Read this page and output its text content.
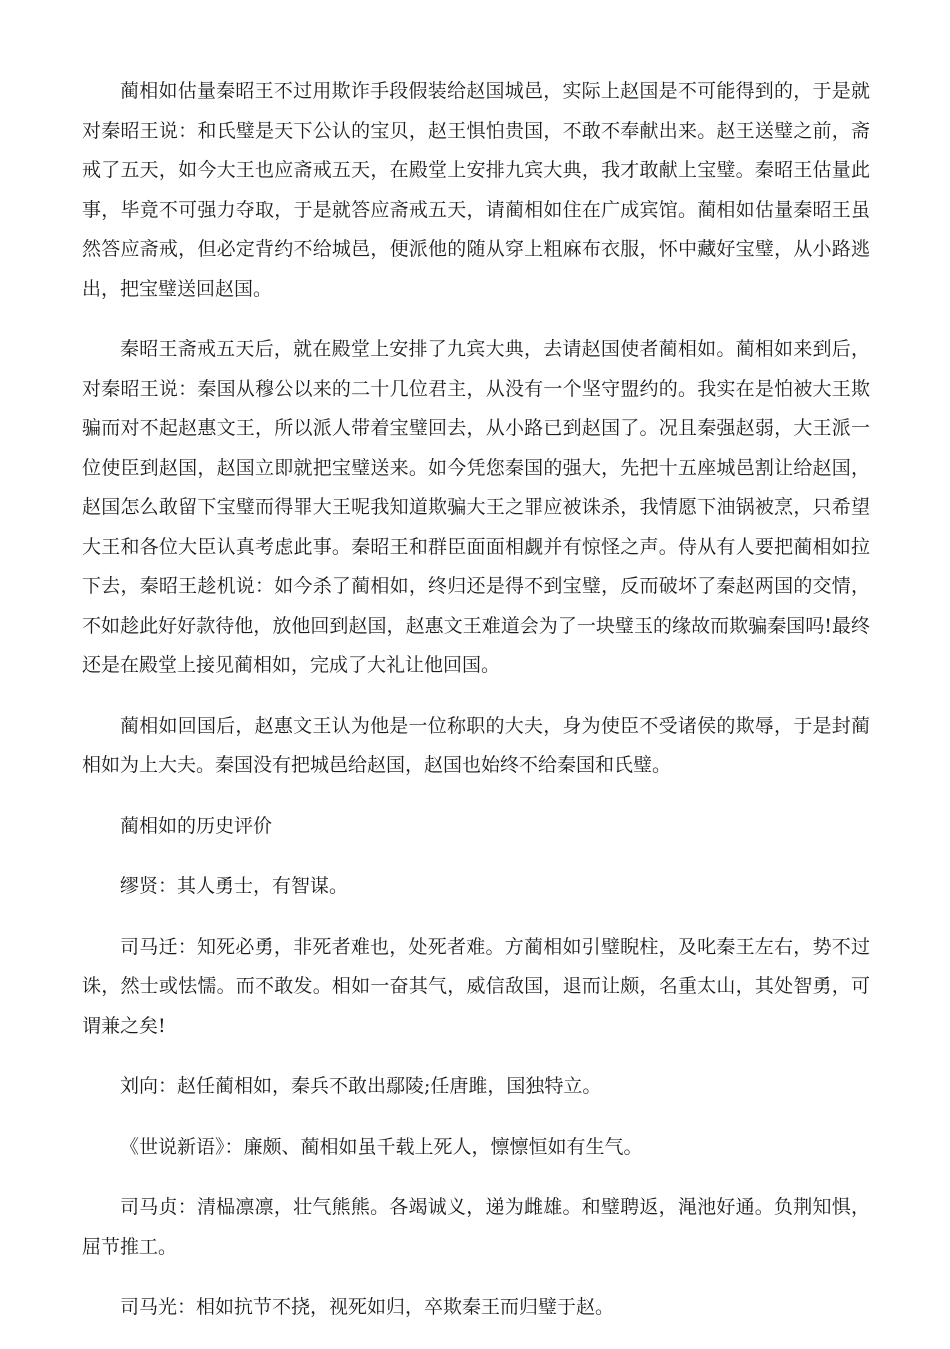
蔺相如估量秦昭王不过用欺诈手段假装给赵国城邑，实际上赵国是不可能得到的，于是就对秦昭王说：和氏璧是天下公认的宝贝，赵王惧怕贵国，不敢不奉献出来。赵王送璧之前，斋戒了五天，如今大王也应斋戒五天，在殿堂上安排九宾大典，我才敢献上宝璧。秦昭王估量此事，毕竟不可强力夺取，于是就答应斋戒五天，请蔺相如住在广成宾馆。蔺相如估量秦昭王虽然答应斋戒，但必定背约不给城邑，便派他的随从穿上粗麻布衣服，怀中藏好宝璧，从小路逃出，把宝璧送回赵国。

秦昭王斋戒五天后，就在殿堂上安排了九宾大典，去请赵国使者蔺相如。蔺相如来到后，对秦昭王说：秦国从穆公以来的二十几位君主，从没有一个坚守盟约的。我实在是怕被大王欺骗而对不起赵惠文王，所以派人带着宝璧回去，从小路已到赵国了。况且秦强赵弱，大王派一位使臣到赵国，赵国立即就把宝璧送来。如今凭您秦国的强大，先把十五座城邑割让给赵国，赵国怎么敢留下宝璧而得罪大王呢我知道欺骗大王之罪应被诛杀，我情愿下油锅被烹，只希望大王和各位大臣认真考虑此事。秦昭王和群臣面面相觑并有惊怪之声。侍从有人要把蔺相如拉下去，秦昭王趁机说：如今杀了蔺相如，终归还是得不到宝璧，反而破坏了秦赵两国的交情，不如趁此好好款待他，放他回到赵国，赵惠文王难道会为了一块璧玉的缘故而欺骗秦国吗!最终还是在殿堂上接见蔺相如，完成了大礼让他回国。

蔺相如回国后，赵惠文王认为他是一位称职的大夫，身为使臣不受诸侯的欺辱，于是封蔺相如为上大夫。秦国没有把城邑给赵国，赵国也始终不给秦国和氏璧。

蔺相如的历史评价

缪贤：其人勇士，有智谋。

司马迁：知死必勇，非死者难也，处死者难。方蔺相如引璧睨柱，及叱秦王左右，势不过诛，然士或怯懦。而不敢发。相如一奋其气，威信敌国，退而让颇，名重太山，其处智勇，可谓兼之矣!

刘向：赵任蔺相如，秦兵不敢出鄢陵;任唐雎，国独特立。

《世说新语》：廉颇、蔺相如虽千载上死人，懔懔恒如有生气。

司马贞：清榀凛凛，壮气熊熊。各竭诚义，递为雌雄。和璧聘返，渑池好通。负荆知惧，屈节推工。

司马光：相如抗节不挠，视死如归，卒欺秦王而归璧于赵。
